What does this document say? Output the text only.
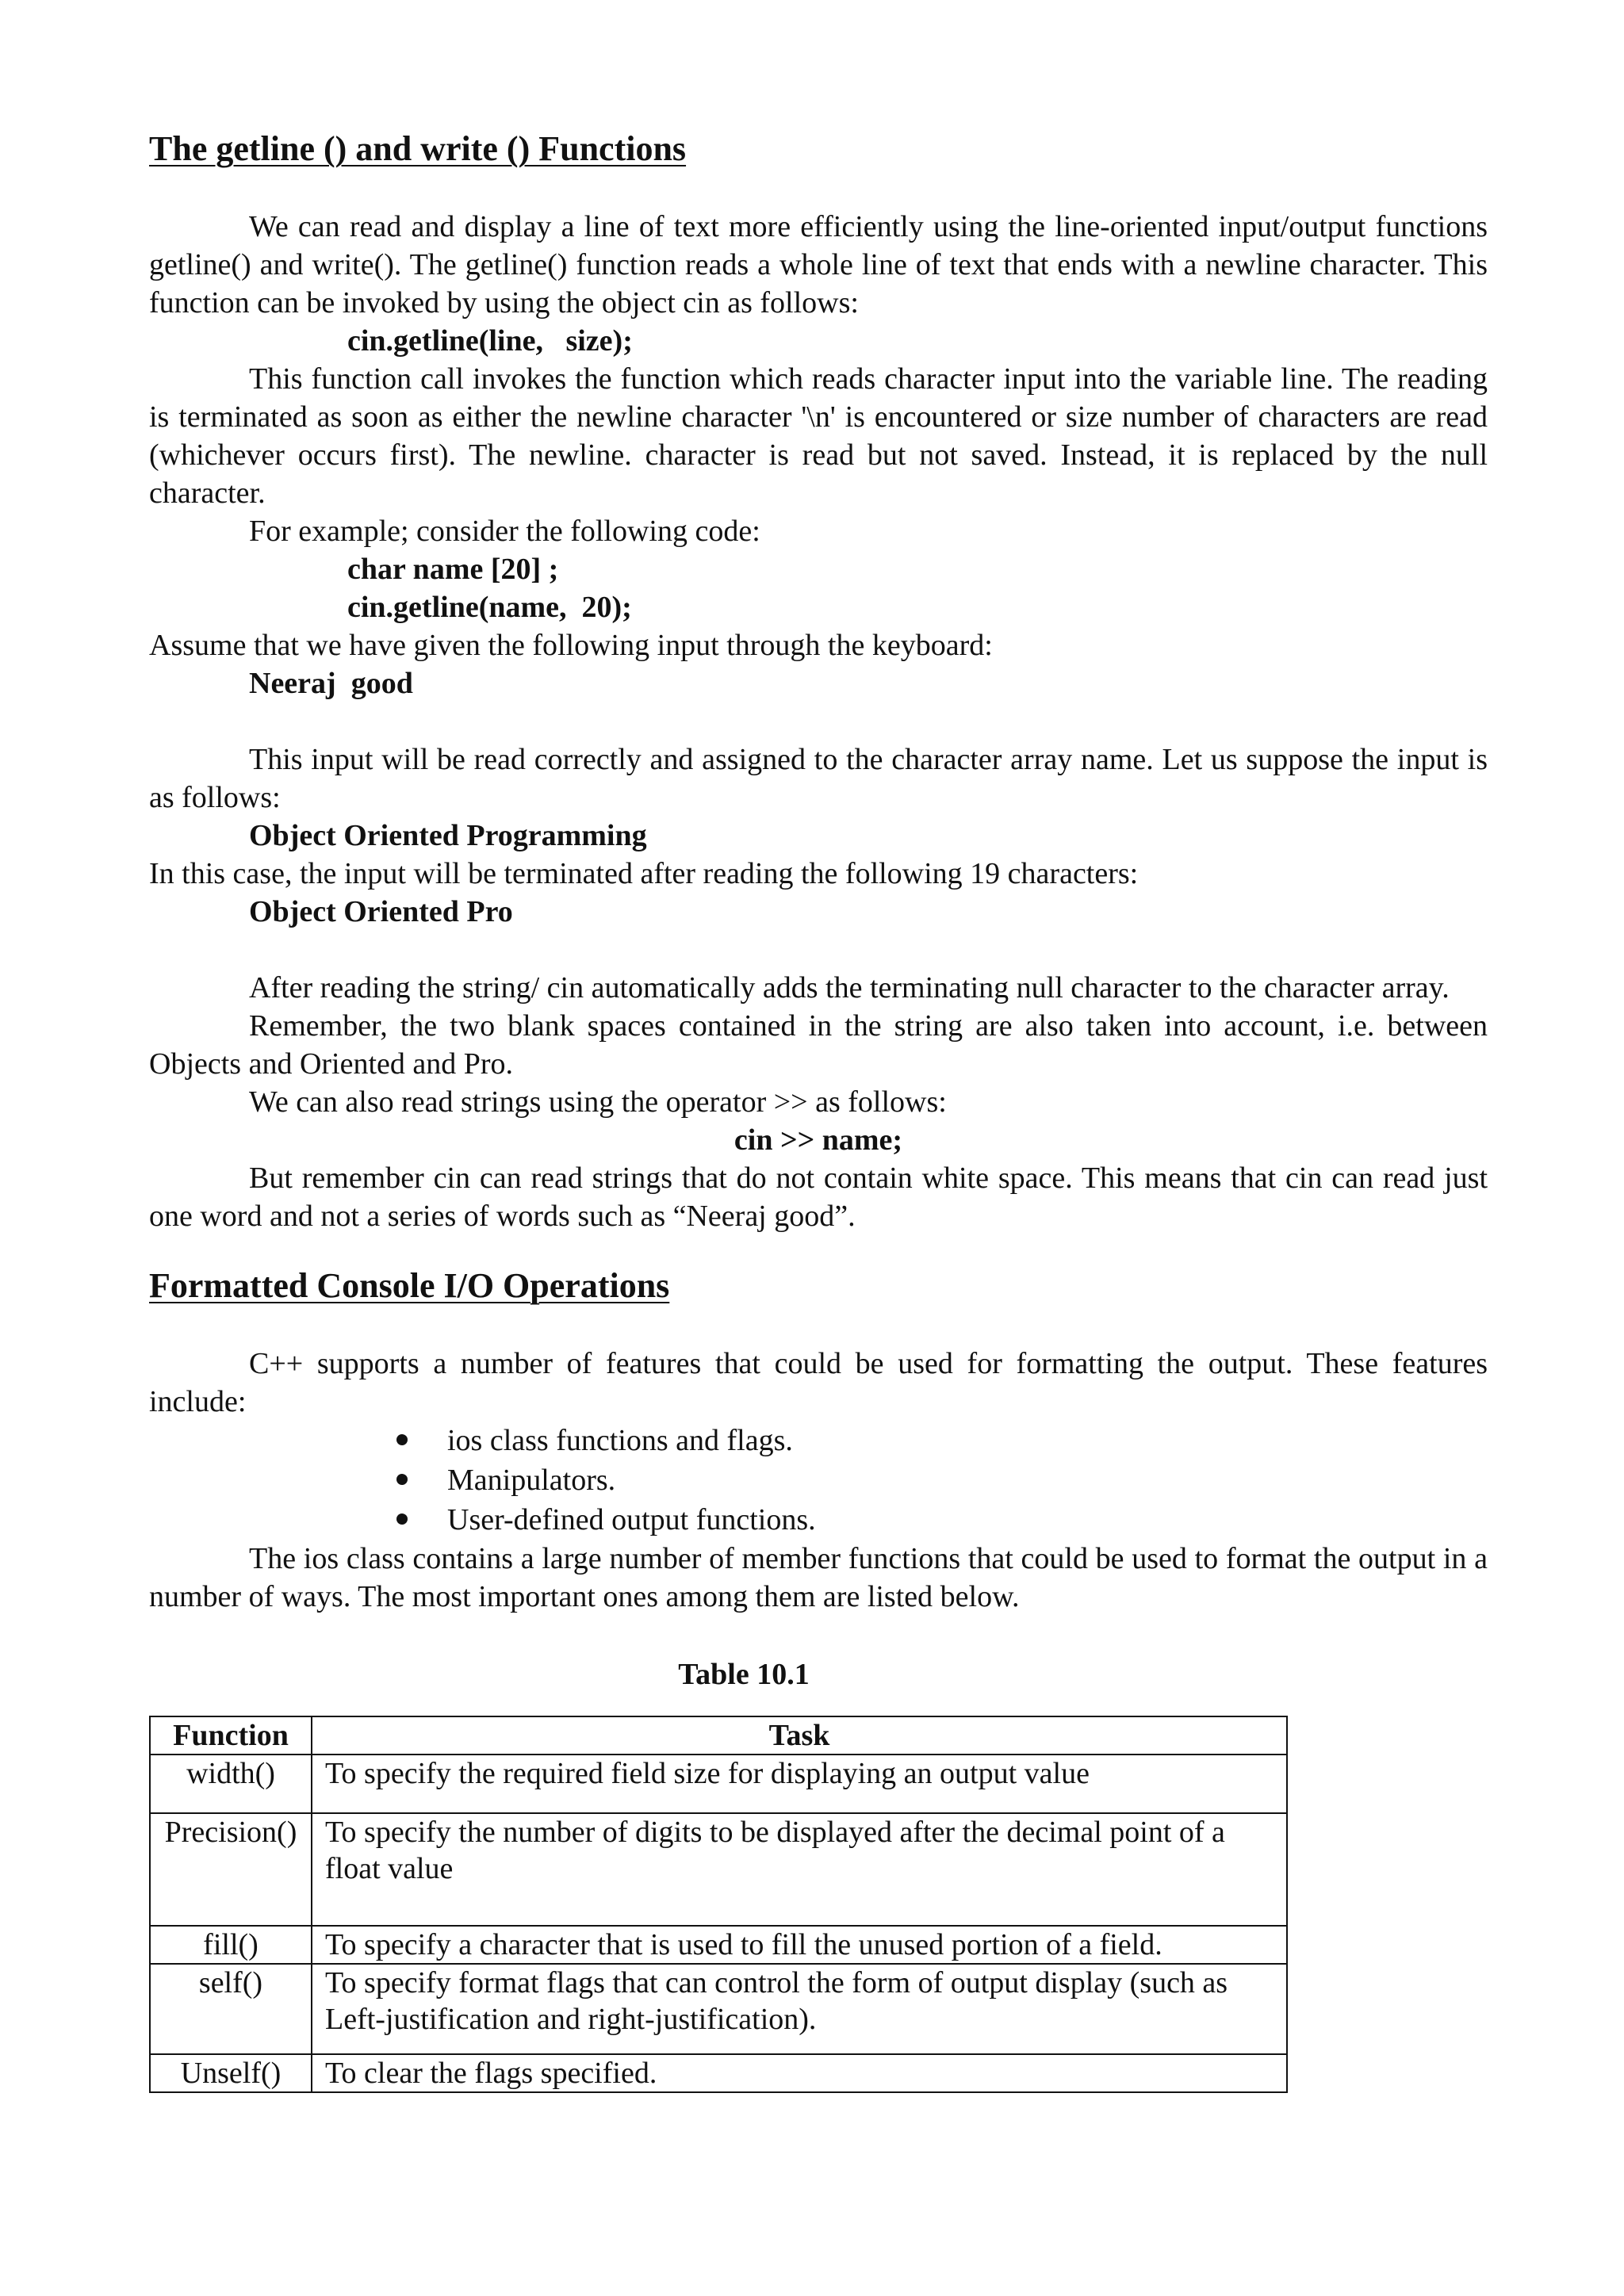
The getline () and write () Functions

We can read and display a line of text more efficiently using the line-oriented input/output functions getline() and write(). The getline() function reads a whole line of text that ends with a newline character. This function can be invoked by using the object cin as follows:

cin.getline(line,   size);

This function call invokes the function which reads character input into the variable line. The reading is terminated as soon as either the newline character '\n' is encountered or size number of characters are read (whichever occurs first). The newline. character is read but not saved. Instead, it is replaced by the null character.

For example; consider the following code:
char name [20] ;
cin.getline(name,  20);
Assume that we have given the following input through the keyboard:
Neeraj  good

This input will be read correctly and assigned to the character array name. Let us suppose the input is as follows:

Object Oriented Programming
In this case, the input will be terminated after reading the following 19 characters:
Object Oriented Pro

After reading the string/ cin automatically adds the terminating null character to the character array.

Remember, the two blank spaces contained in the string are also taken into account, i.e. between Objects and Oriented and Pro.

We can also read strings using the operator >> as follows:
cin >> name;

But remember cin can read strings that do not contain white space. This means that cin can read just one word and not a series of words such as “Neeraj good”.

Formatted Console I/O Operations

C++ supports a number of features that could be used for formatting the output. These features include:

ios class functions and flags.
Manipulators.
User-defined output functions.

The ios class contains a large number of member functions that could be used to format the output in a number of ways. The most important ones among them are listed below.

Table 10.1
Function	Task
width()	To specify the required field size for displaying an output value
Precision()	To specify the number of digits to be displayed after the decimal point of a float value
fill()	To specify a character that is used to fill the unused portion of a field.
self()	To specify format flags that can control the form of output display (such as Left-justification and right-justification).
Unself()	To clear the flags specified.
